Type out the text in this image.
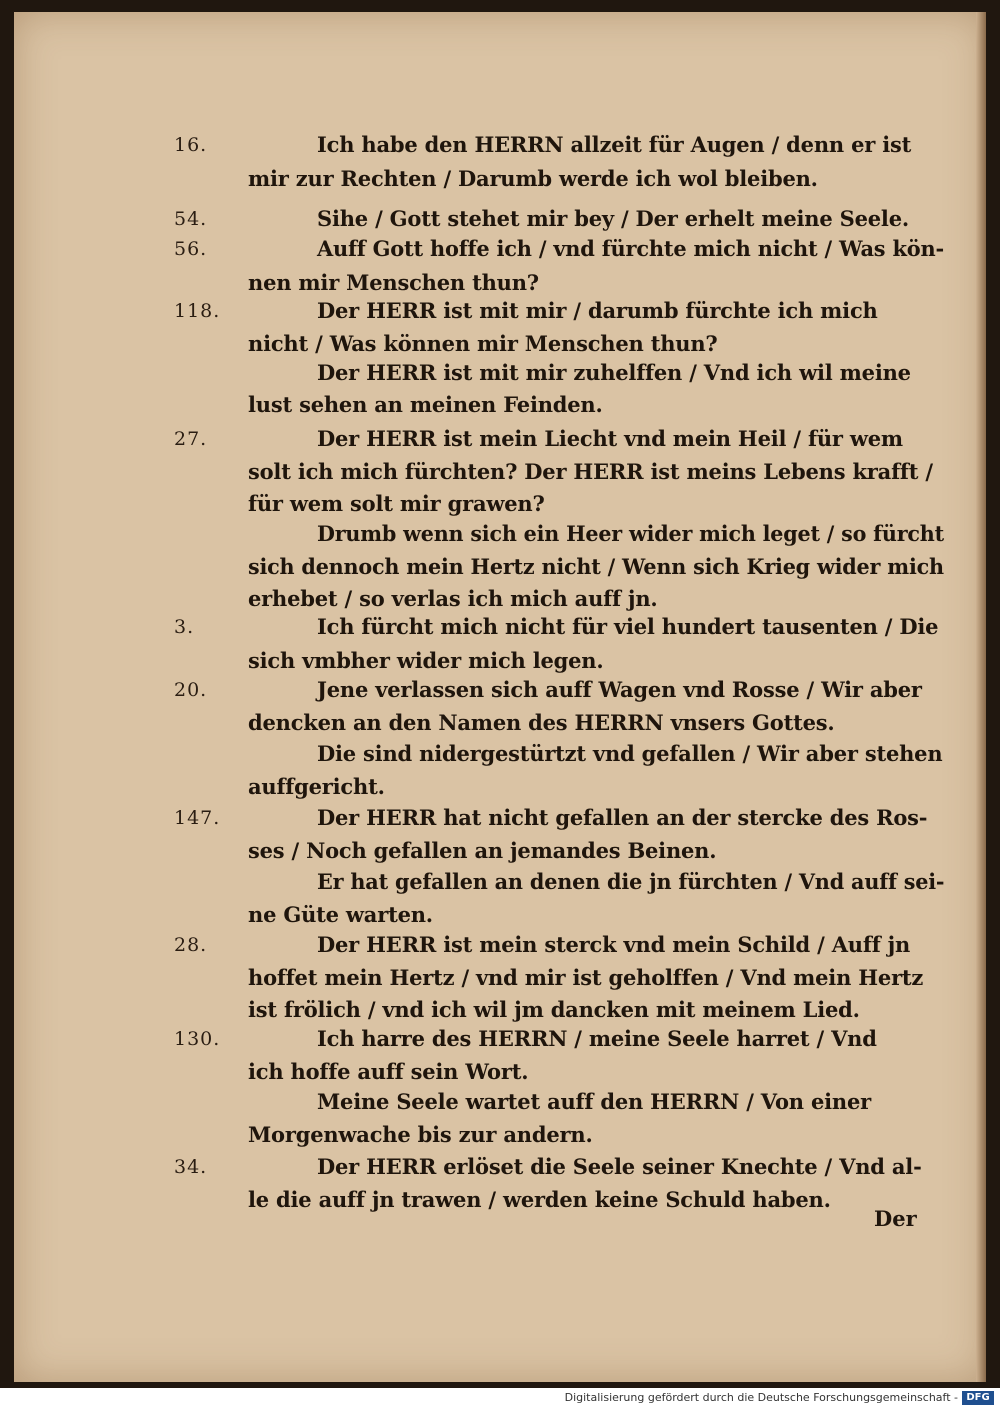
16.	Ich habe den HERRN allzeit für Augen / denn er ist
mir zur Rechten / Darumb werde ich wol bleiben.
54.	Sihe / Gott stehet mir bey / Der erhelt meine Seele.
56.	Auff Gott hoffe ich / vnd fürchte mich nicht / Was kön-
nen mir Menschen thun?
118.	Der HERR ist mit mir / darumb fürchte ich mich
nicht / Was können mir Menschen thun?
Der HERR ist mit mir zuhelffen / Vnd ich wil meine
lust sehen an meinen Feinden.
27.	Der HERR ist mein Liecht vnd mein Heil / für wem
solt ich mich fürchten? Der HERR ist meins Lebens krafft /
für wem solt mir grawen?
Drumb wenn sich ein Heer wider mich leget / so fürcht
sich dennoch mein Hertz nicht / Wenn sich Krieg wider mich
erhebet / so verlas ich mich auff jn.
3.	Ich fürcht mich nicht für viel hundert tausenten / Die
sich vmbher wider mich legen.
20.	Jene verlassen sich auff Wagen vnd Rosse / Wir aber
dencken an den Namen des HERRN vnsers Gottes.
Die sind nidergestürtzt vnd gefallen / Wir aber stehen
auffgericht.
147.	Der HERR hat nicht gefallen an der stercke des Ros-
ses / Noch gefallen an jemandes Beinen.
Er hat gefallen an denen die jn fürchten / Vnd auff sei-
ne Güte warten.
28.	Der HERR ist mein sterck vnd mein Schild / Auff jn
hoffet mein Hertz / vnd mir ist geholffen / Vnd mein Hertz
ist frölich / vnd ich wil jm dancken mit meinem Lied.
130.	Ich harre des HERRN / meine Seele harret / Vnd
ich hoffe auff sein Wort.
Meine Seele wartet auff den HERRN / Von einer
Morgenwache bis zur andern.
34.	Der HERR erlöset die Seele seiner Knechte / Vnd al-
le die auff jn trawen / werden keine Schuld haben.
Der
Digitalisierung gefördert durch die Deutsche Forschungsgemeinschaft - DFG
